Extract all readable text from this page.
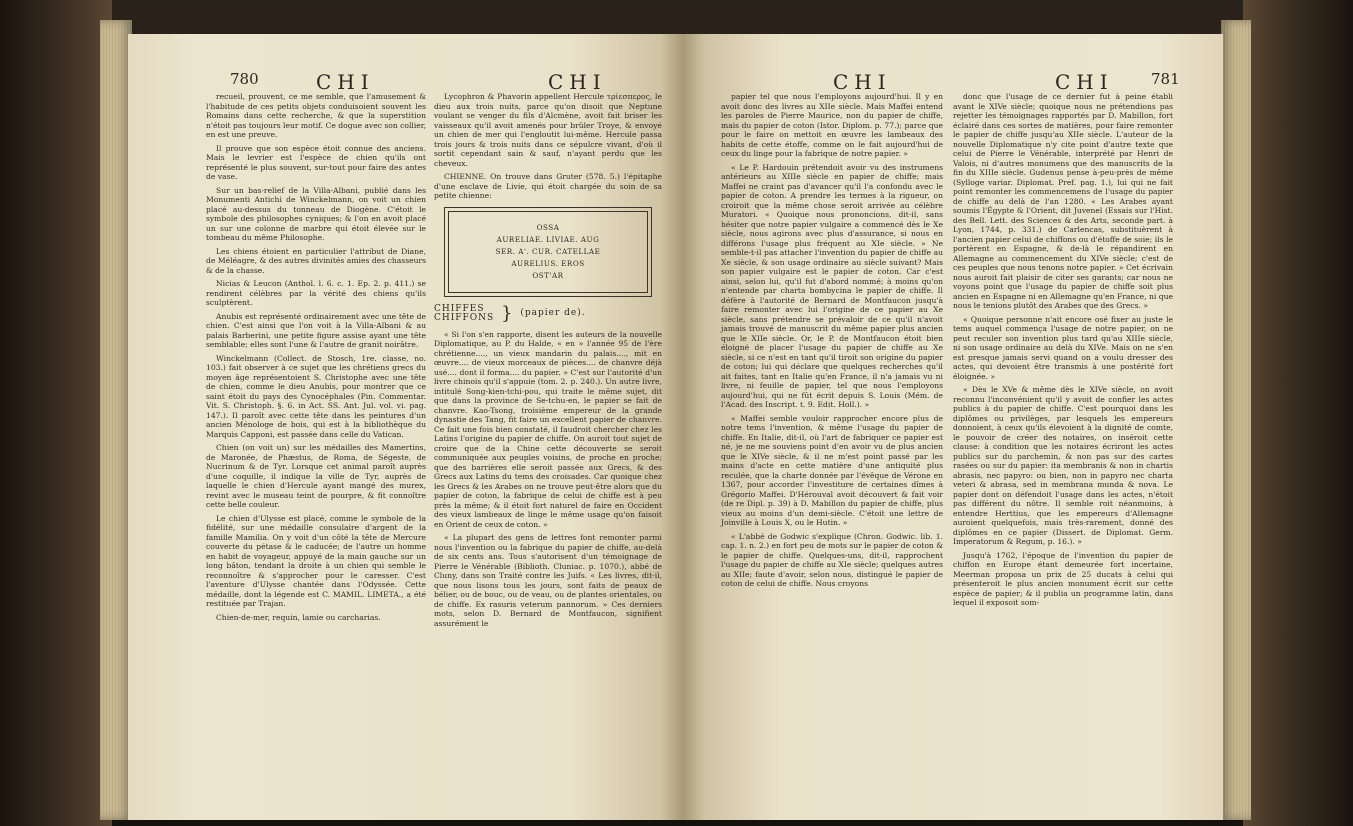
780	CHI	CHI

recueil, prouvent, ce me semble, que l'amusement & l'habitude de ces petits objets conduisoient souvent les Romains dans cette recherche, & que la superstition n'étoit pas toujours leur motif. Ce dogue avec son collier, en est une preuve.

Il prouve que son espèce étoit connue des anciens. Mais le levrier est l'espèce de chien qu'ils ont représenté le plus souvent, sur-tout pour faire des antes de vase.

Sur un bas-relief de la Villa-Albani, publié dans les Monumenti Antichi de Winckelmann, on voit un chien placé au-dessus du tonneau de Diogène. C'étoit le symbole des philosophes cyniques; & l'on en avoit placé un sur une colonne de marbre qui étoit élevée sur le tombeau du même Philosophe.

Les chiens étoient en particulier l'attribut de Diane, de Méléagre, & des autres divinités amies des chasseurs & de la chasse.

Nicias & Leucon (Anthol. l. 6. c. 1. Ep. 2. p. 411.) se rendirent célèbres par la vérité des chiens qu'ils sculptèrent.

Anubis est représenté ordinairement avec une tête de chien. C'est ainsi que l'on voit à la Villa-Albani & au palais Barberini, une petite figure assise ayant une tête semblable; elles sont l'une & l'autre de granit noirâtre.

Winckelmann (Collect. de Stosch, 1re. classe, no. 103.) fait observer à ce sujet que les chrétiens grecs du moyen âge représentoient S. Christophe avec une tête de chien, comme le dieu Anubis, pour montrer que ce saint étoit du pays des Cynocéphales (Pin. Commentar. Vit. S. Christoph. §. 6. in Act. SS. Ant. Jul. vol. vi. pag. 147.). Il paroît avec cette tête dans les peintures d'un ancien Ménologe de bois, qui est à la bibliothèque du Marquis Capponi, est passée dans celle du Vatican.

Chien (on voit un) sur les médailles des Mamertins, de Maronée, de Phæstus, de Roma, de Ségeste, de Nucrinum & de Tyr. Lorsque cet animal paroît auprès d'une coquille, il indique la ville de Tyr, auprès de laquelle le chien d'Hercule ayant mangé des murex, revint avec le museau teint de pourpre, & fit connoître cette belle couleur.

Le chien d'Ulysse est placé, comme le symbole de la fidélité, sur une médaille consulaire d'argent de la famille Mamilia. On y voit d'un côté la tête de Mercure couverte du pétase & le caducée; de l'autre un homme en habit de voyageur, appuyé de la main gauche sur un long bâton, tendant la droite à un chien qui semble le reconnoître & s'approcher pour le caresser. C'est l'aventure d'Ulysse chantée dans l'Odyssée. Cette médaille, dont la légende est C. MAMIL. LIMETA., a été restituée par Trajan.

Chien-de-mer, requin, lamie ou carcharias.

Lycophron & Phavorin appellent Hercule τρίεσπερος, le dieu aux trois nuits, parce qu'on disoit que Neptune voulant se venger du fils d'Alcmène, avoit fait briser les vaisseaux qu'il avoit amenés pour brûler Troye, & envoyé un chien de mer qui l'engloutit lui-même. Hercule passa trois jours & trois nuits dans ce sépulcre vivant, d'où il sortit cependant sain & sauf, n'ayant perdu que les cheveux.

CHIENNE. On trouve dans Gruter (578. 5.) l'épitaphe d'une esclave de Livie, qui étoit chargée du soin de sa petite chienne:

OSSA
AURELIAE. LIVIAE. AUG
SER. A'. CUR. CATELLAE
AURELIUS. EROS
OST'AR
CHIFFES
CHIFFONS } (papier de).

« Si l'on s'en rapporte, disent les auteurs de la nouvelle Diplomatique, au P. du Halde, « en » l'année 95 de l'ère chrétienne...., un vieux mandarin du palais...., mit en œuvre.... de vieux morceaux de pièces.... de chanvre déjà usé.... dont il forma.... du papier. » C'est sur l'autorité d'un livre chinois qu'il s'appuie (tom. 2. p. 240.). Un autre livre, intitulé Song-kien-tchi-pou, qui traite le même sujet, dit que dans la province de Se-tchu-en, le papier se fait de chanvre. Kao-Tsong, troisième empereur de la grande dynastie des Tang, fit faire un excellent papier de chanvre. Ce fait une fois bien constaté, il faudroit chercher chez les Latins l'origine du papier de chiffe. On auroit tout sujet de croire que de la Chine cette découverte se seroit communiquée aux peuples voisins, de proche en proche; que des barrières elle seroit passée aux Grecs, & des Grecs aux Latins du tems des croisades. Car quoique chez les Grecs & les Arabes on ne trouve peut-être alors que du papier de coton, la fabrique de celui de chiffe est à peu près la même; & il étoit fort naturel de faire en Occident des vieux lambeaux de linge le même usage qu'on faisoit en Orient de ceux de coton. »

« La plupart des gens de lettres font remonter parmi nous l'invention ou la fabrique du papier de chiffe, au-delà de six cents ans. Tous s'autorisent d'un témoignage de Pierre le Vénérable (Biblioth. Cluniac. p. 1070.), abbé de Cluny, dans son Traité contre les Juifs. « Les livres, dit-il, que nous lisons tous les jours, sont faits de peaux de bélier, ou de bouc, ou de veau, ou de plantes orientales, ou de chiffe. Ex rasuris veterum pannorum. » Ces derniers mots, selon D. Bernard de Montfaucon, signifient assurément le

CHI	CHI 781

papier tel que nous l'employons aujourd'hui. Il y en avoit donc des livres au XIIe siècle. Mais Maffei entend les paroles de Pierre Maurice, non du papier de chiffe, mais du papier de coton (Istor. Diplom. p. 77.); parce que pour le faire on mettoit en œuvre les lambeaux des habits de cette étoffe, comme on le fait aujourd'hui de ceux du linge pour la fabrique de notre papier. »

« Le P. Hardouin prétendoit avoir vu des instrumens antérieurs au XIIIe siècle en papier de chiffe; mais Maffei ne craint pas d'avancer qu'il l'a confondu avec le papier de coton. A prendre les termes à la rigueur, on croiroit que la même chose seroit arrivée au célèbre Muratori. « Quoique nous prononcions, dit-il, sans hésiter que notre papier vulgaire a commencé dès le Xe siècle, nous agirons avec plus d'assurance, si nous en différons l'usage plus fréquent au XIe siècle. » Ne semble-t-il pas attacher l'invention du papier de chiffe au Xe siècle, & son usage ordinaire au siècle suivant? Mais son papier vulgaire est le papier de coton. Car c'est ainsi, selon lui, qu'il fut d'abord nommé; à moins qu'on n'entende par charta bombycina le papier de chiffe. Il défère à l'autorité de Bernard de Montfaucon jusqu'à faire remonter avec lui l'origine de ce papier au Xe siècle, sans prétendre se prévaloir de ce qu'il n'avoit jamais trouvé de manuscrit du même papier plus ancien que le XIIe siècle. Or, le P. de Montfaucon étoit bien éloigné de placer l'usage du papier de chiffe au Xe siècle, si ce n'est en tant qu'il tiroit son origine du papier de coton; lui qui déclare que quelques recherches qu'il ait faites, tant en Italie qu'en France, il n'a jamais vu ni livre, ni feuille de papier, tel que nous l'employons aujourd'hui, qui ne fût écrit depuis S. Louis (Mém. de l'Acad. des Inscript. t. 9. Edit. Holl.). »

« Maffei semble vouloir rapprocher encore plus de notre tems l'invention, & même l'usage du papier de chiffe. En Italie, dit-il, où l'art de fabriquer ce papier est né, je ne me souviens point d'en avoir vu de plus ancien que le XIVe siècle, & il ne m'est point passé par les mains d'acte en cette matière d'une antiquité plus reculée, que la charte donnée par l'évêque de Vérone en 1367, pour accorder l'investiture de certaines dîmes à Grégorio Maffei. D'Hérouval avoit découvert & fait voir (de re Dipl. p. 39) à D. Mabillon du papier de chiffe, plus vieux au moins d'un demi-siècle. C'étoit une lettre de Joinville à Louis X, ou le Hutin. »

« L'abbé de Godwic s'explique (Chron. Godwic. lib. 1. cap. 1. n. 2.) en fort peu de mots sur le papier de coton & le papier de chiffe. Quelques-uns, dit-il, rapprochent l'usage du papier de chiffe au XIe siècle; quelques autres au XIIe; faute d'avoir, selon nous, distingué le papier de coton de celui de chiffe. Nous croyons

donc que l'usage de ce dernier fut à peine établi avant le XIVe siècle; quoique nous ne prétendions pas rejetter les témoignages rapportés par D. Mabillon, fort éclairé dans ces sortes de matières, pour faire remonter le papier de chiffe jusqu'au XIIe siècle. L'auteur de la nouvelle Diplomatique n'y cite point d'autre texte que celui de Pierre le Vénérable, interprété par Henri de Valois, ni d'autres monumens que des manuscrits de la fin du XIIIe siècle. Gudenus pense à-peu-près de même (Sylloge variar. Diplomat. Pref. pag. 1.), lui qui ne fait point remonter les commencemens de l'usage du papier de chiffe au delà de l'an 1280. « Les Arabes ayant soumis l'Égypte & l'Orient, dit Juvenel (Essais sur l'Hist. des Bell. Lett. des Sciences & des Arts, seconde part. à Lyon, 1744, p. 331.) de Carlencas, substituèrent à l'ancien papier celui de chiffons ou d'étoffe de soie; ils le portèrent en Espagne, & de-là le répandirent en Allemagne au commencement du XIVe siècle; c'est de ces peuples que nous tenons notre papier. » Cet écrivain nous auroit fait plaisir de citer ses garants; car nous ne voyons point que l'usage du papier de chiffe soit plus ancien en Espagne ni en Allemagne qu'en France, ni que nous le tenions plutôt des Arabes que des Grecs. »

« Quoique personne n'ait encore osé fixer au juste le tems auquel commença l'usage de notre papier, on ne peut reculer son invention plus tard qu'au XIIIe siècle, ni son usage ordinaire au delà du XIVe. Mais on ne s'en est presque jamais servi quand on a voulu dresser des actes, qui devoient être transmis à une postérité fort éloignée. »

« Dès le XVe & même dès le XIVe siècle, on avoit reconnu l'inconvénient qu'il y avoit de confier les actes publics à du papier de chiffe. C'est pourquoi dans les diplômes ou privilèges, par lesquels les empereurs donnoient, à ceux qu'ils élevoient à la dignité de comte, le pouvoir de créer des notaires, on inséroit cette clause: à condition que les notaires écriront les actes publics sur du parchemin, & non pas sur des cartes rasées ou sur du papier: ita membranis & non in chartis abrasis, nec papyro: ou bien, non in papyro nec charta veteri & abrasa, sed in membrana munda & nova. Le papier dont on défendoit l'usage dans les actes, n'étoit pas différent du nôtre. Il semble roit néanmoins, à entendre Herttius, que les empereurs d'Allemagne auroient quelquefois, mais très-rarement, donné des diplômes en ce papier (Dissert. de Diplomat. Germ. Imperatorum & Regum, p. 16.). »

Jusqu'à 1762, l'époque de l'invention du papier de chiffon en Europe étant demeurée fort incertaine, Meerman proposa un prix de 25 ducats à celui qui présenteroit le plus ancien monument écrit sur cette espèce de papier; & il publia un programme latin, dans lequel il exposoit som-
